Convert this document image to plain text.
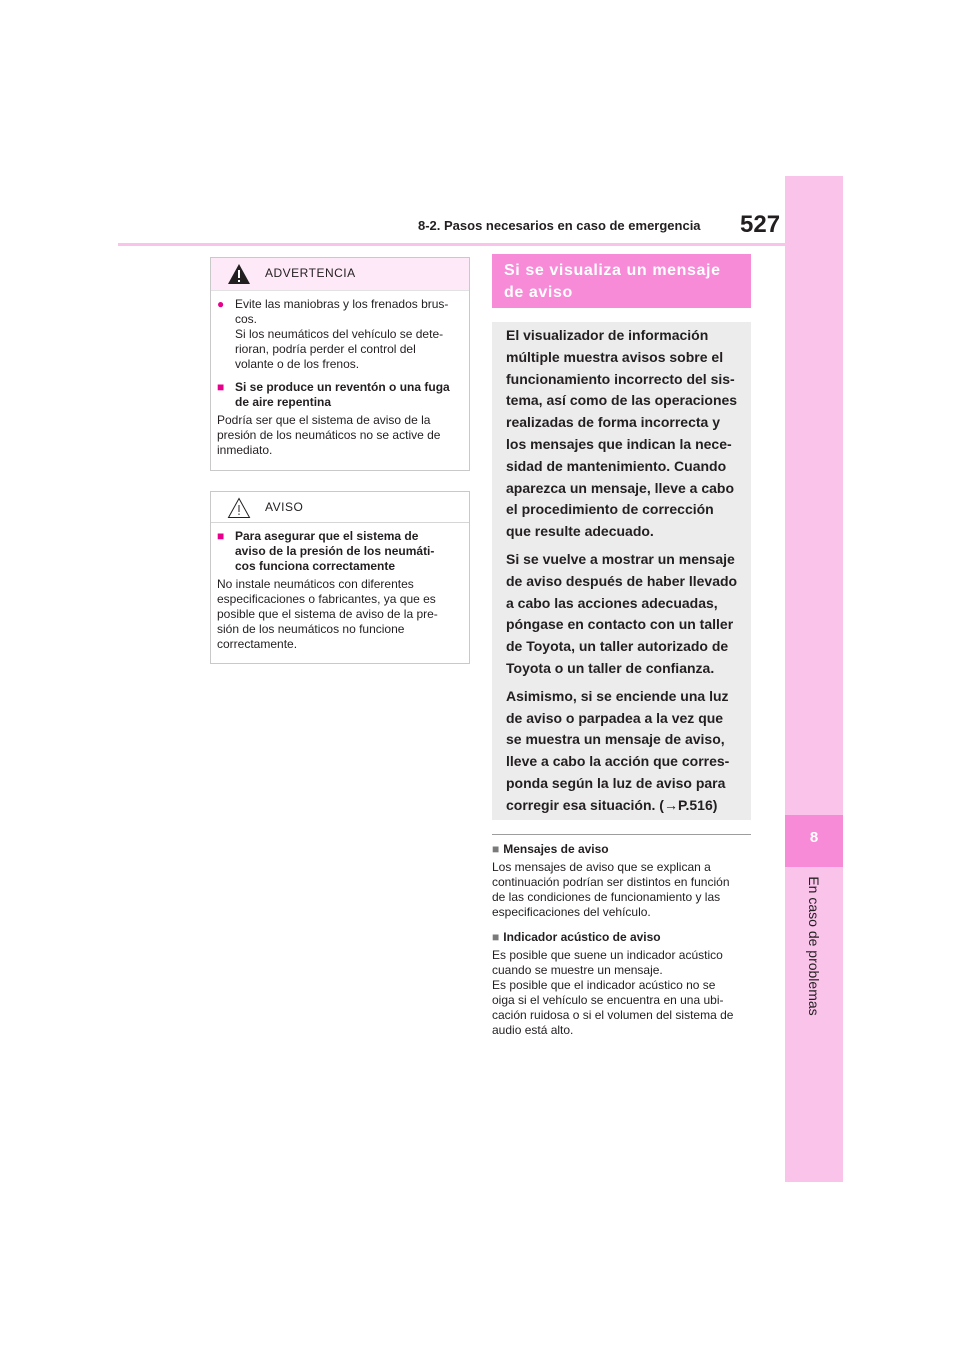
8
En caso de problemas
8-2. Pasos necesarios en caso de emergencia 527
ADVERTENCIA
● Evite las maniobras y los frenados brus-
cos.
Si los neumáticos del vehículo se dete-
rioran, podría perder el control del
volante o de los frenos.
■ Si se produce un reventón o una fuga
de aire repentina
Podría ser que el sistema de aviso de la
presión de los neumáticos no se active de
inmediato.
AVISO
■ Para asegurar que el sistema de
aviso de la presión de los neumáti-
cos funciona correctamente
No instale neumáticos con diferentes
especificaciones o fabricantes, ya que es
posible que el sistema de aviso de la pre-
sión de los neumáticos no funcione
correctamente.
Si se visualiza un mensaje
de aviso

El visualizador de información
múltiple muestra avisos sobre el
funcionamiento incorrecto del sis-
tema, así como de las operaciones
realizadas de forma incorrecta y
los mensajes que indican la nece-
sidad de mantenimiento. Cuando
aparezca un mensaje, lleve a cabo
el procedimiento de corrección
que resulte adecuado.

Si se vuelve a mostrar un mensaje
de aviso después de haber llevado
a cabo las acciones adecuadas,
póngase en contacto con un taller
de Toyota, un taller autorizado de
Toyota o un taller de confianza.

Asimismo, si se enciende una luz
de aviso o parpadea a la vez que
se muestra un mensaje de aviso,
lleve a cabo la acción que corres-
ponda según la luz de aviso para
corregir esa situación. (→P.516)

■ Mensajes de aviso
Los mensajes de aviso que se explican a
continuación podrían ser distintos en función
de las condiciones de funcionamiento y las
especificaciones del vehículo.
■ Indicador acústico de aviso
Es posible que suene un indicador acústico
cuando se muestre un mensaje.
Es posible que el indicador acústico no se
oiga si el vehículo se encuentra en una ubi-
cación ruidosa o si el volumen del sistema de
audio está alto.
